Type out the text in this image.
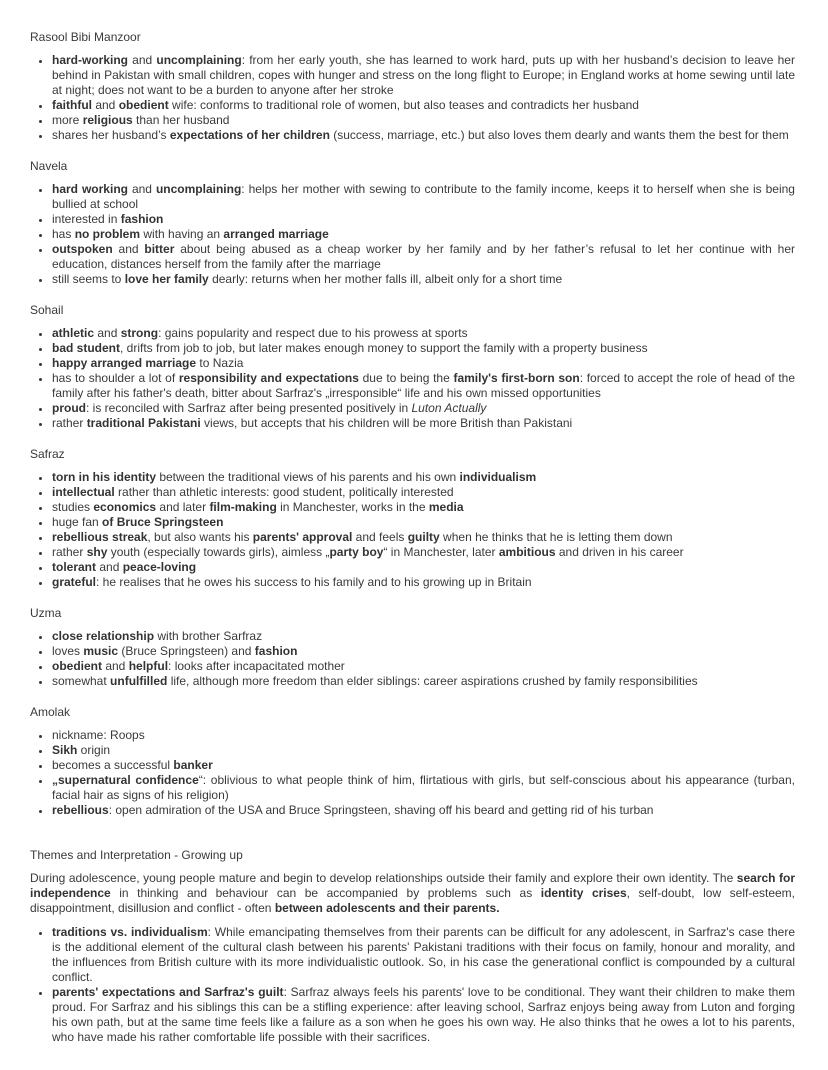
Rasool Bibi Manzoor
• hard-working and uncomplaining: from her early youth, she has learned to work hard, puts up with her husband’s decision to leave her behind in Pakistan with small children, copes with hunger and stress on the long flight to Europe; in England works at home sewing until late at night; does not want to be a burden to anyone after her stroke
• faithful and obedient wife: conforms to traditional role of women, but also teases and contradicts her husband
• more religious than her husband
• shares her husband’s expectations of her children (success, marriage, etc.) but also loves them dearly and wants them the best for them
Navela
• hard working and uncomplaining: helps her mother with sewing to contribute to the family income, keeps it to herself when she is being bullied at school
• interested in fashion
• has no problem with having an arranged marriage
• outspoken and bitter about being abused as a cheap worker by her family and by her father’s refusal to let her continue with her education, distances herself from the family after the marriage
• still seems to love her family dearly: returns when her mother falls ill, albeit only for a short time
Sohail
• athletic and strong: gains popularity and respect due to his prowess at sports
• bad student, drifts from job to job, but later makes enough money to support the family with a property business
• happy arranged marriage to Nazia
• has to shoulder a lot of responsibility and expectations due to being the family's first-born son: forced to accept the role of head of the family after his father's death, bitter about Sarfraz's „irresponsible“ life and his own missed opportunities
• proud: is reconciled with Sarfraz after being presented positively in Luton Actually
• rather traditional Pakistani views, but accepts that his children will be more British than Pakistani
Safraz
• torn in his identity between the traditional views of his parents and his own individualism
• intellectual rather than athletic interests: good student, politically interested
• studies economics and later film-making in Manchester, works in the media
• huge fan of Bruce Springsteen
• rebellious streak, but also wants his parents' approval and feels guilty when he thinks that he is letting them down
• rather shy youth (especially towards girls), aimless „party boy“ in Manchester, later ambitious and driven in his career
• tolerant and peace-loving
• grateful: he realises that he owes his success to his family and to his growing up in Britain
Uzma
• close relationship with brother Sarfraz
• loves music (Bruce Springsteen) and fashion
• obedient and helpful: looks after incapacitated mother
• somewhat unfulfilled life, although more freedom than elder siblings: career aspirations crushed by family responsibilities
Amolak
• nickname: Roops
• Sikh origin
• becomes a successful banker
• „supernatural confidence“: oblivious to what people think of him, flirtatious with girls, but self-conscious about his appearance (turban, facial hair as signs of his religion)
• rebellious: open admiration of the USA and Bruce Springsteen, shaving off his beard and getting rid of his turban
Themes and Interpretation - Growing up

During adolescence, young people mature and begin to develop relationships outside their family and explore their own identity. The search for independence in thinking and behaviour can be accompanied by problems such as identity crises, self-doubt, low self-esteem, disappointment, disillusion and conflict - often between adolescents and their parents.

• traditions vs. individualism: While emancipating themselves from their parents can be difficult for any adolescent, in Sarfraz's case there is the additional element of the cultural clash between his parents' Pakistani traditions with their focus on family, honour and morality, and the influences from British culture with its more individualistic outlook. So, in his case the generational conflict is compounded by a cultural conflict.
• parents' expectations and Sarfraz's guilt: Sarfraz always feels his parents' love to be conditional. They want their children to make them proud. For Sarfraz and his siblings this can be a stifling experience: after leaving school, Sarfraz enjoys being away from Luton and forging his own path, but at the same time feels like a failure as a son when he goes his own way. He also thinks that he owes a lot to his parents, who have made his rather comfortable life possible with their sacrifices.
